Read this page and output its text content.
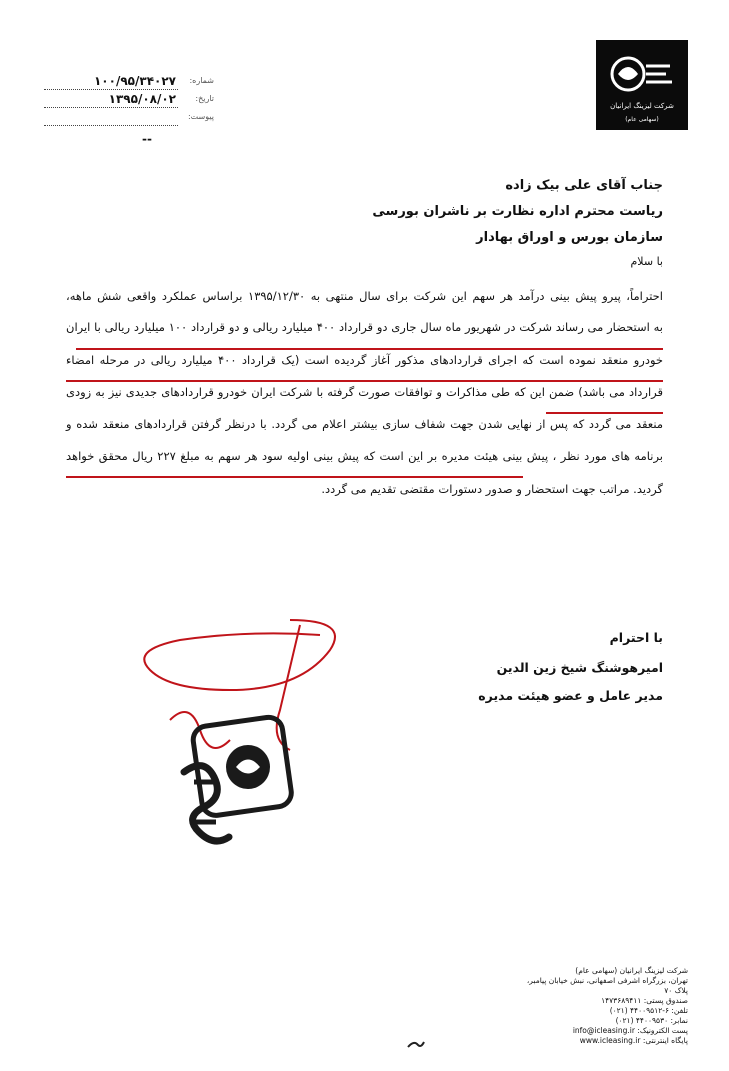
شرکت لیزینگ ایرانیان
(سهامی عام)
شماره:
۱۰۰/۹۵/۳۴۰۲۷
تاریخ:
۱۳۹۵/۰۸/۰۲
پیوست:
--
جناب آقای علی بیک زاده
ریاست محترم اداره نظارت بر ناشران بورسی
سازمان بورس و اوراق بهادار
با سلام
احتراماً، پیرو پیش بینی درآمد هر سهم این شرکت برای سال منتهی به ۱۳۹۵/۱۲/۳۰ براساس عملکرد واقعی شش ماهه،
به استحضار می رساند شرکت در شهریور ماه سال جاری دو قرارداد ۴۰۰ میلیارد ریالی و دو قرارداد ۱۰۰ میلیارد ریالی با ایران
خودرو منعقد نموده است که اجرای قراردادهای مذکور آغاز گردیده است (یک قرارداد ۴۰۰ میلیارد ریالی در مرحله امضاء
قرارداد می باشد) ضمن این که طی مذاکرات و توافقات صورت گرفته با شرکت ایران خودرو قراردادهای جدیدی نیز به زودی
منعقد می گردد که پس از نهایی شدن جهت شفاف سازی بیشتر اعلام می گردد. با درنظر گرفتن قراردادهای منعقد شده و
برنامه های مورد نظر ، پیش بینی هیئت مدیره بر این است که پیش بینی اولیه سود هر سهم به مبلغ ۲۲۷ ریال محقق خواهد
گردید. مراتب جهت استحضار و صدور دستورات مقتضی تقدیم می گردد.
با احترام
امیرهوشنگ شیخ زین الدین
مدیر عامل و عضو هیئت مدیره
شرکت لیزینگ ایرانیان (سهامی عام)
تهران، بزرگراه اشرفی اصفهانی، نبش خیابان پیامبر،
پلاک ۷۰
صندوق پستی: ۱۴۷۳۶۸۹۴۱۱
تلفن: ۶-۴۴۰۰۹۵۱۲ (۰۲۱)
نمابر: ۴۴۰۰۹۵۳۰ (۰۲۱)
پست الکترونیک: info@icleasing.ir
پایگاه اینترنتی: www.icleasing.ir
